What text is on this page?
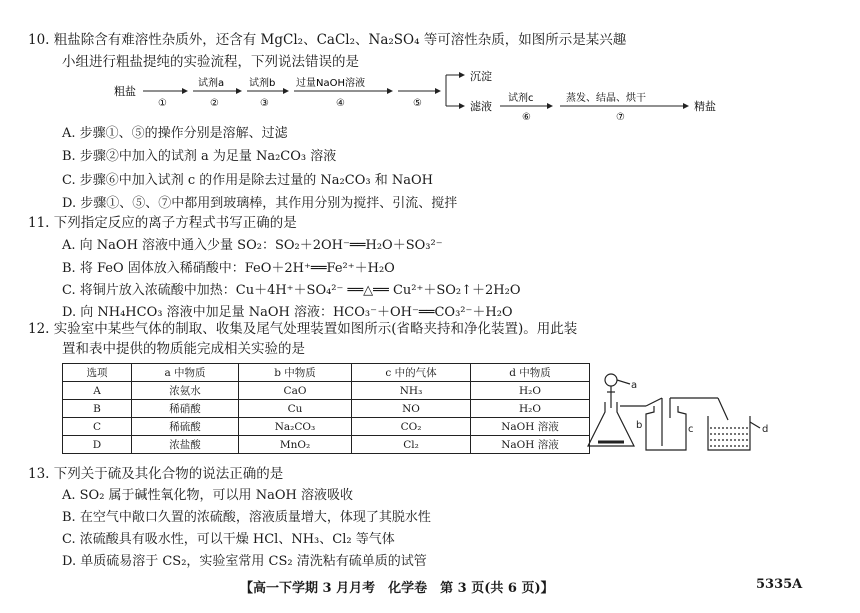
10. 粗盐除含有难溶性杂质外，还含有 MgCl₂、CaCl₂、Na₂SO₄ 等可溶性杂质，如图所示是某兴趣
小组进行粗盐提纯的实验流程，下列说法错误的是
粗盐
①
试剂a
②
试剂b
③
过量NaOH溶液
④	⑤
沉淀
滤液
试剂c
⑥
蒸发、结晶、烘干
⑦
精盐
A. 步骤①、⑤的操作分别是溶解、过滤
B. 步骤②中加入的试剂 a 为足量 Na₂CO₃ 溶液
C. 步骤⑥中加入试剂 c 的作用是除去过量的 Na₂CO₃ 和 NaOH
D. 步骤①、⑤、⑦中都用到玻璃棒，其作用分别为搅拌、引流、搅拌
11. 下列指定反应的离子方程式书写正确的是
A. 向 NaOH 溶液中通入少量 SO₂：SO₂＋2OH⁻══H₂O＋SO₃²⁻
B. 将 FeO 固体放入稀硝酸中：FeO＋2H⁺══Fe²⁺＋H₂O
C. 将铜片放入浓硫酸中加热：Cu＋4H⁺＋SO₄²⁻ ══△══ Cu²⁺＋SO₂↑＋2H₂O
D. 向 NH₄HCO₃ 溶液中加足量 NaOH 溶液：HCO₃⁻＋OH⁻══CO₃²⁻＋H₂O
12. 实验室中某些气体的制取、收集及尾气处理装置如图所示(省略夹持和净化装置)。用此装
置和表中提供的物质能完成相关实验的是
选项	a 中物质	b 中物质	c 中的气体	d 中物质
A	浓氨水	CaO	NH₃	H₂O
B	稀硝酸	Cu	NO	H₂O
C	稀硫酸	Na₂CO₃	CO₂	NaOH 溶液
D	浓盐酸	MnO₂	Cl₂	NaOH 溶液
a
b	c	d
13. 下列关于硫及其化合物的说法正确的是
A. SO₂ 属于碱性氧化物，可以用 NaOH 溶液吸收
B. 在空气中敞口久置的浓硫酸，溶液质量增大，体现了其脱水性
C. 浓硫酸具有吸水性，可以干燥 HCl、NH₃、Cl₂ 等气体
D. 单质硫易溶于 CS₂，实验室常用 CS₂ 清洗粘有硫单质的试管
【高一下学期 3 月月考　化学卷　第 3 页(共 6 页)】	5335A
